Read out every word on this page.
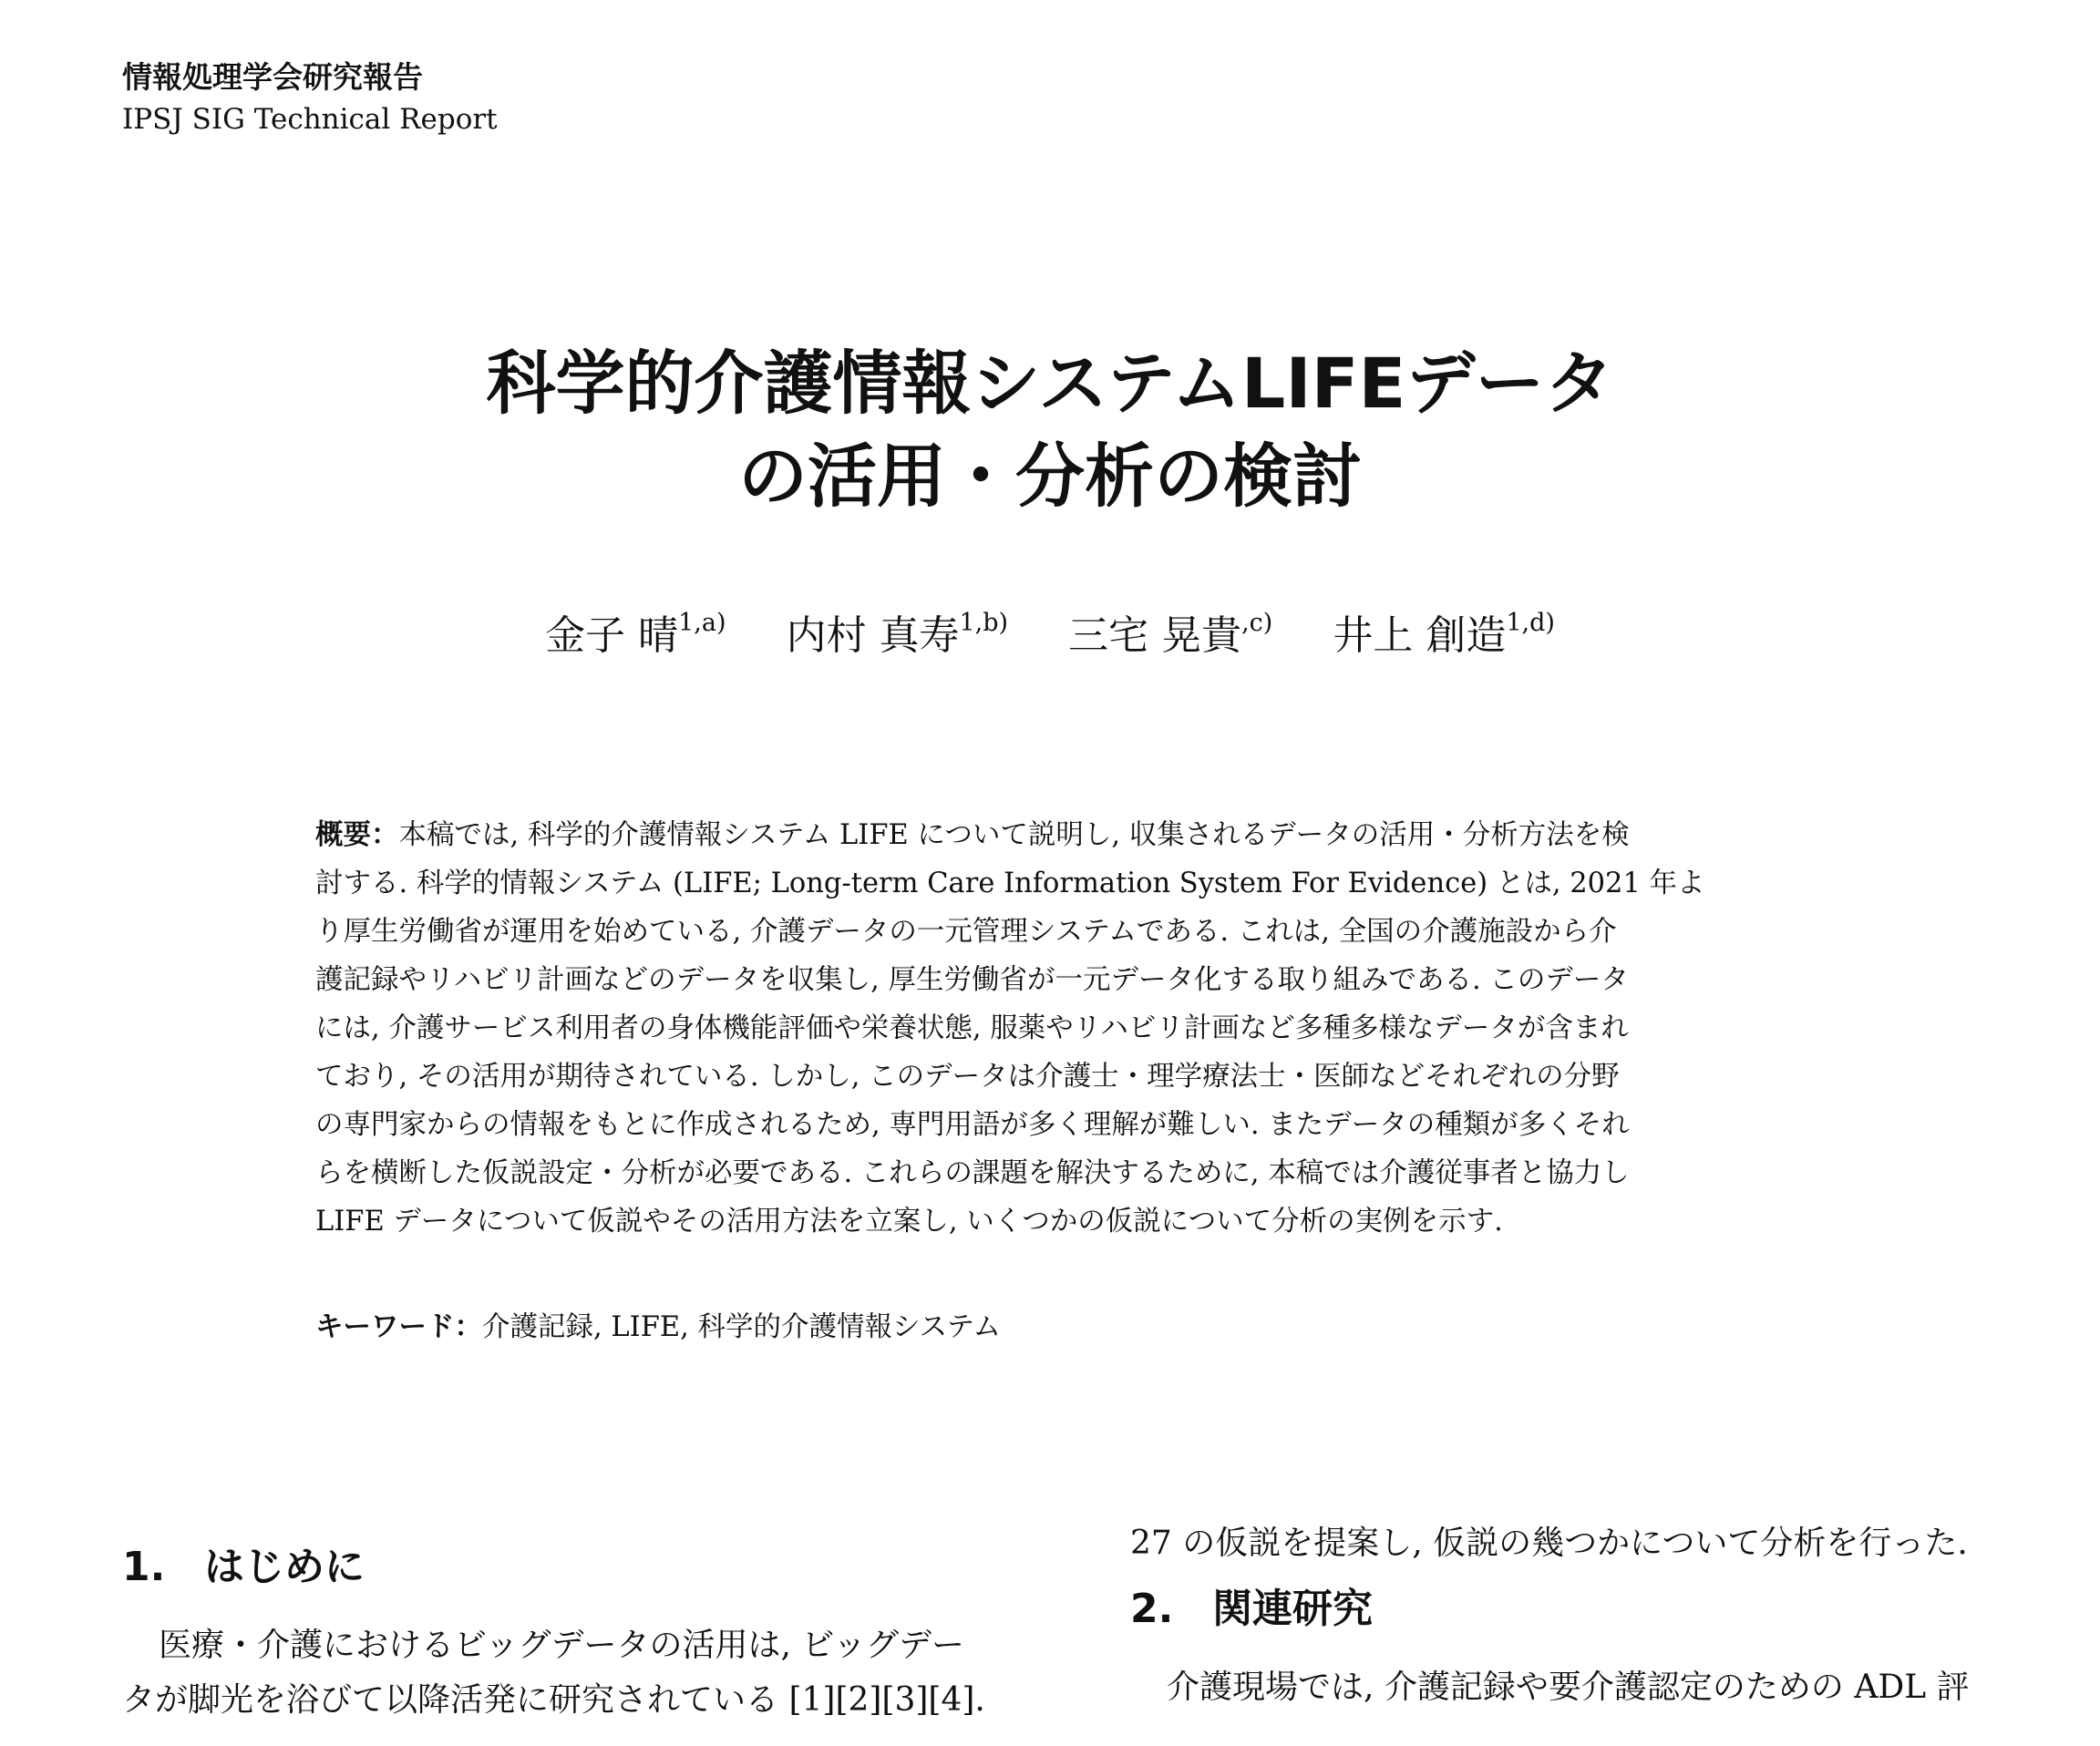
情報処理学会研究報告

IPSJ SIG Technical Report

科学的介護情報システムLIFEデータ
の活用・分析の検討
金子 晴$^{1,a)}$ 内村 真寿$^{1,b)}$ 三宅 晃貴$^{,c)}$ 井上 創造$^{1,d)}$

概要：本稿では, 科学的介護情報システム LIFE について説明し, 収集されるデータの活用・分析方法を検

討する. 科学的情報システム (LIFE; Long-term Care Information System For Evidence) とは, 2021 年よ

り厚生労働省が運用を始めている, 介護データの一元管理システムである. これは, 全国の介護施設から介

護記録やリハビリ計画などのデータを収集し, 厚生労働省が一元データ化する取り組みである. このデータ

には, 介護サービス利用者の身体機能評価や栄養状態, 服薬やリハビリ計画など多種多様なデータが含まれ

ており, その活用が期待されている. しかし, このデータは介護士・理学療法士・医師などそれぞれの分野

の専門家からの情報をもとに作成されるため, 専門用語が多く理解が難しい. またデータの種類が多くそれ

らを横断した仮説設定・分析が必要である. これらの課題を解決するために, 本稿では介護従事者と協力し

LIFE データについて仮説やその活用方法を立案し, いくつかの仮説について分析の実例を示す.

キーワード：介護記録, LIFE, 科学的介護情報システム
1. はじめに

医療・介護におけるビッグデータの活用は, ビッグデー

タが脚光を浴びて以降活発に研究されている [1][2][3][4].

27 の仮説を提案し, 仮説の幾つかについて分析を行った.

2. 関連研究

介護現場では, 介護記録や要介護認定のための ADL 評
